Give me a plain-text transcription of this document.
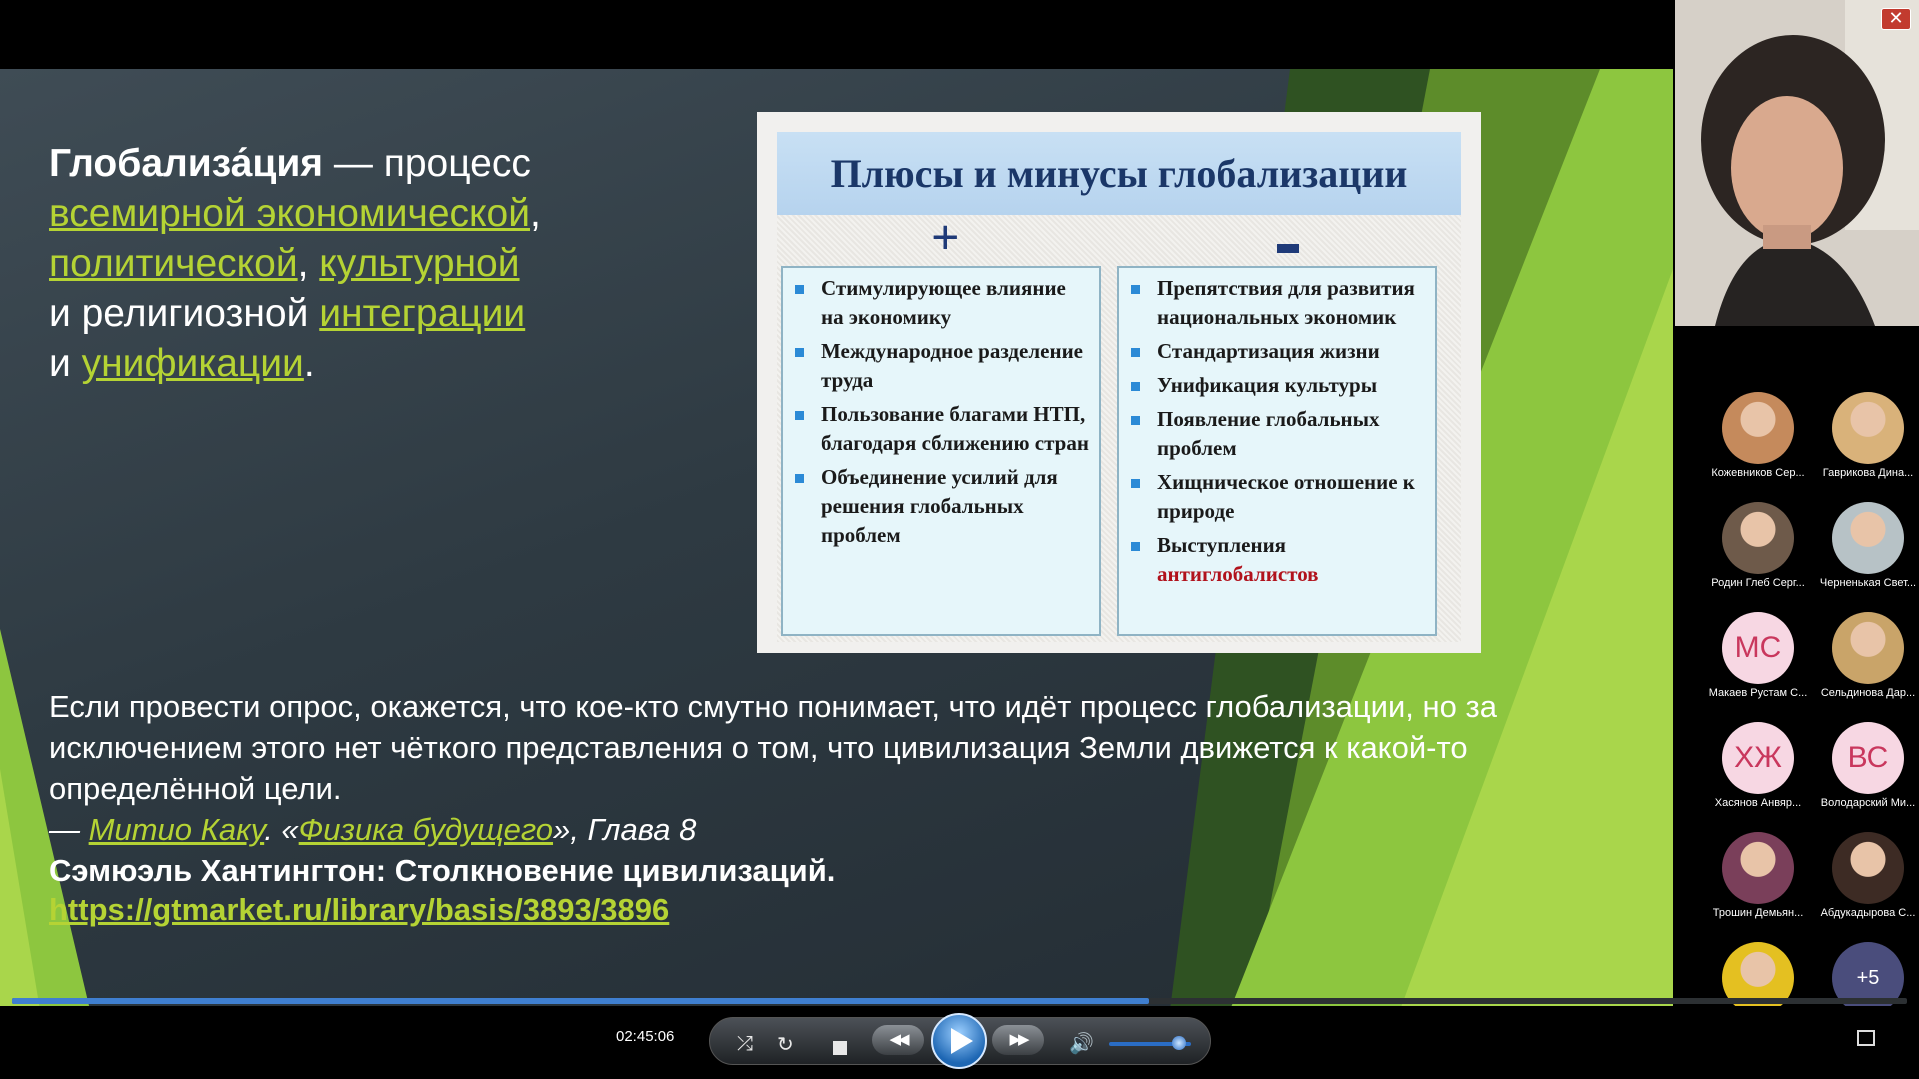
Глобализа́ция — процесс
всемирной экономической,
политической, культурной
и религиозной интеграции
и унификации.
Плюсы и минусы глобализации
+
Стимулирующее влияние на экономику
Международное разделение труда
Пользование благами НТП, благодаря сближению стран
Объединение усилий для решения глобальных проблем
Препятствия для развития национальных экономик
Стандартизация жизни
Унификация культуры
Появление глобальных проблем
Хищническое отношение к природе
Выступления антиглобалистов
Если провести опрос, окажется, что кое-кто смутно понимает, что идёт процесс глобализации, но за исключением этого нет чёткого представления о том, что цивилизация Земли движется к какой-то определённой цели.
— Митио Каку. «Физика будущего», Глава 8
Сэмюэль Хантингтон: Столкновение цивилизаций.
https://gtmarket.ru/library/basis/3893/3896
✕
Кожевников Сер...	Гаврикова Дина...
Родин Глеб Серг...	Черненькая Свет...
МС
Макаев Рустам С...	Сельдинова Дар...
ХЖ
Хасянов Анвяр...
ВС
Володарский Ми...
Трошин Демьян...	Абдукадырова С...
+5
02:45:06	⤮ ↻	◀◀	▶▶	🔊
